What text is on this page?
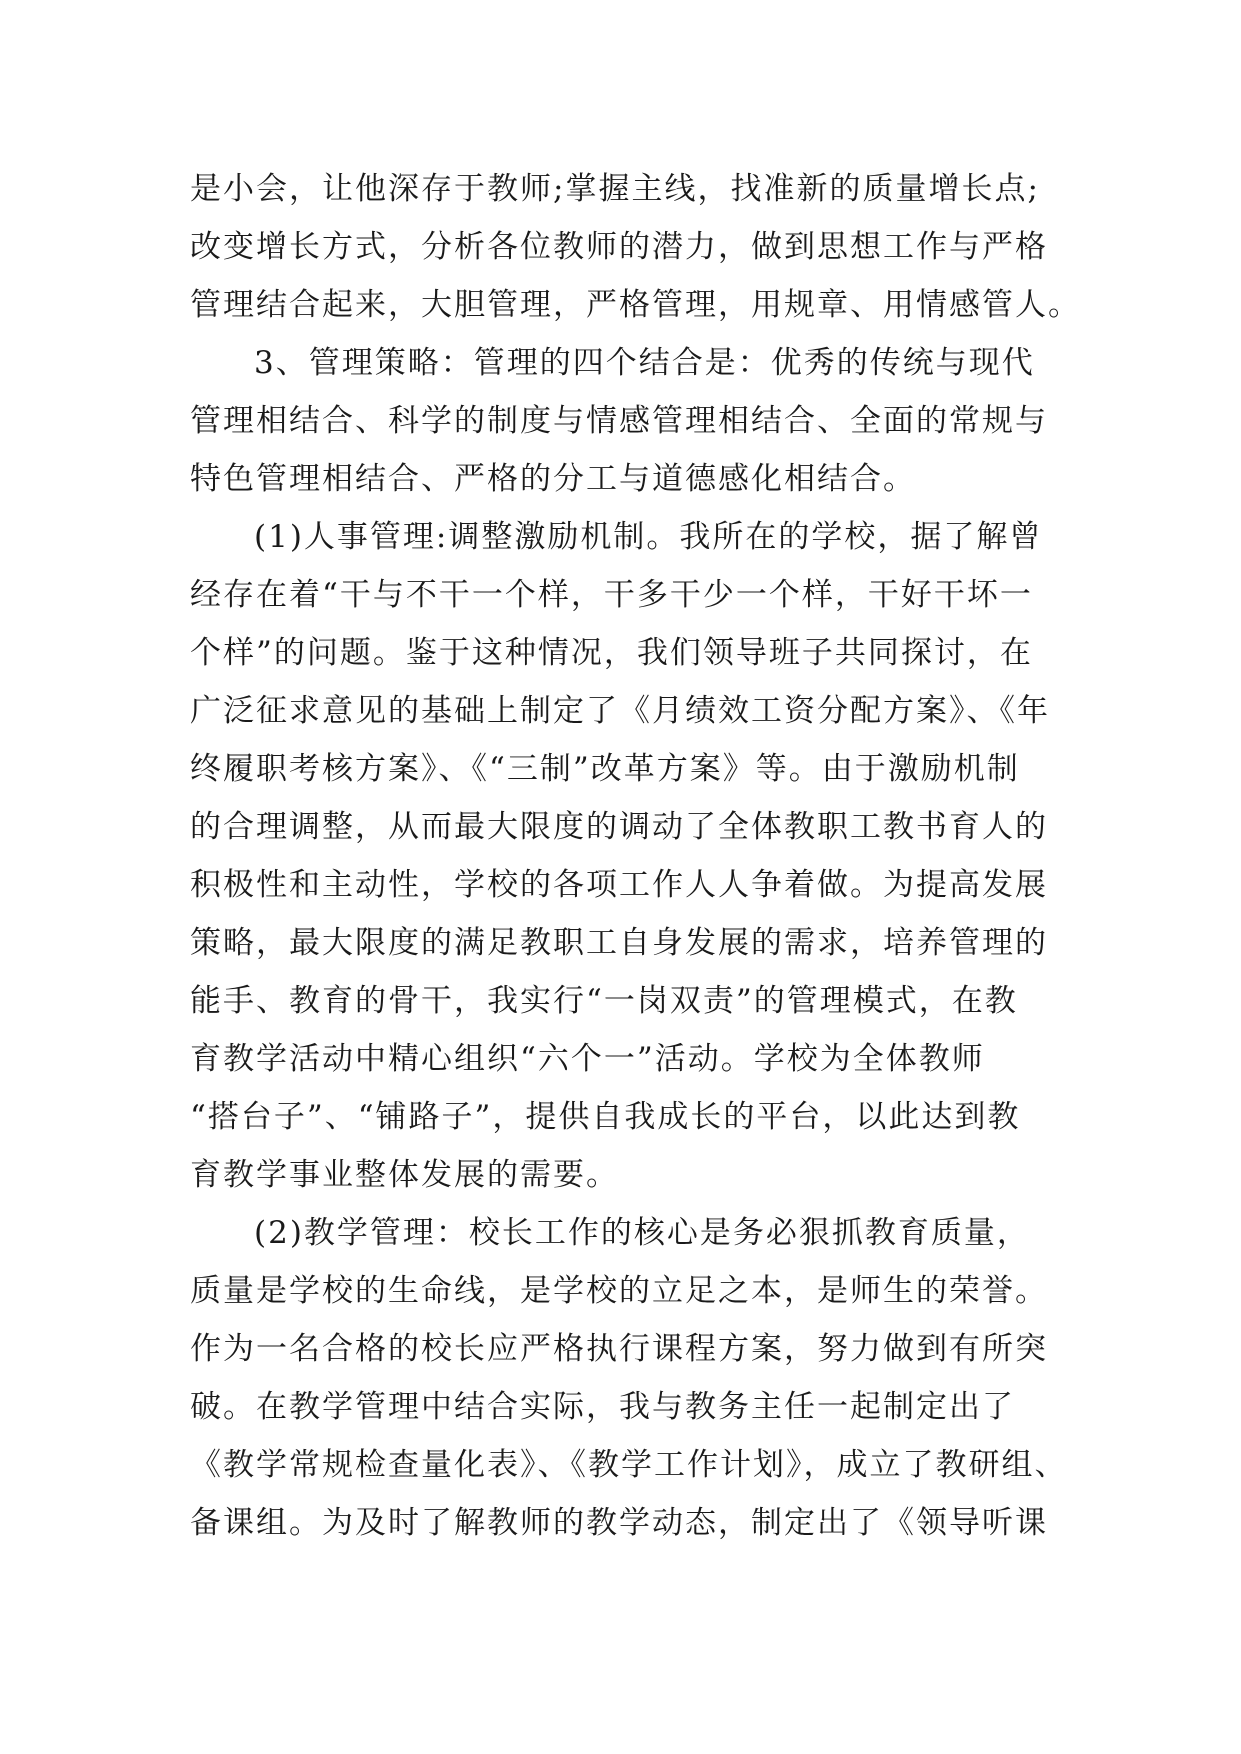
是小会，让他深存于教师;掌握主线，找准新的质量增长点;
改变增长方式，分析各位教师的潜力，做到思想工作与严格
管理结合起来，大胆管理，严格管理，用规章、用情感管人。
3、管理策略：管理的四个结合是：优秀的传统与现代
管理相结合、科学的制度与情感管理相结合、全面的常规与
特色管理相结合、严格的分工与道德感化相结合。
(1)人事管理:调整激励机制。我所在的学校，据了解曾
经存在着“干与不干一个样，干多干少一个样，干好干坏一
个样”的问题。鉴于这种情况，我们领导班子共同探讨，在
广泛征求意见的基础上制定了《月绩效工资分配方案》、《年
终履职考核方案》、《“三制”改革方案》等。由于激励机制
的合理调整，从而最大限度的调动了全体教职工教书育人的
积极性和主动性，学校的各项工作人人争着做。为提高发展
策略，最大限度的满足教职工自身发展的需求，培养管理的
能手、教育的骨干，我实行“一岗双责”的管理模式，在教
育教学活动中精心组织“六个一”活动。学校为全体教师
“搭台子”、“铺路子”，提供自我成长的平台，以此达到教
育教学事业整体发展的需要。
(2)教学管理：校长工作的核心是务必狠抓教育质量，
质量是学校的生命线，是学校的立足之本，是师生的荣誉。
作为一名合格的校长应严格执行课程方案，努力做到有所突
破。在教学管理中结合实际，我与教务主任一起制定出了
《教学常规检查量化表》、《教学工作计划》，成立了教研组、
备课组。为及时了解教师的教学动态，制定出了《领导听课
